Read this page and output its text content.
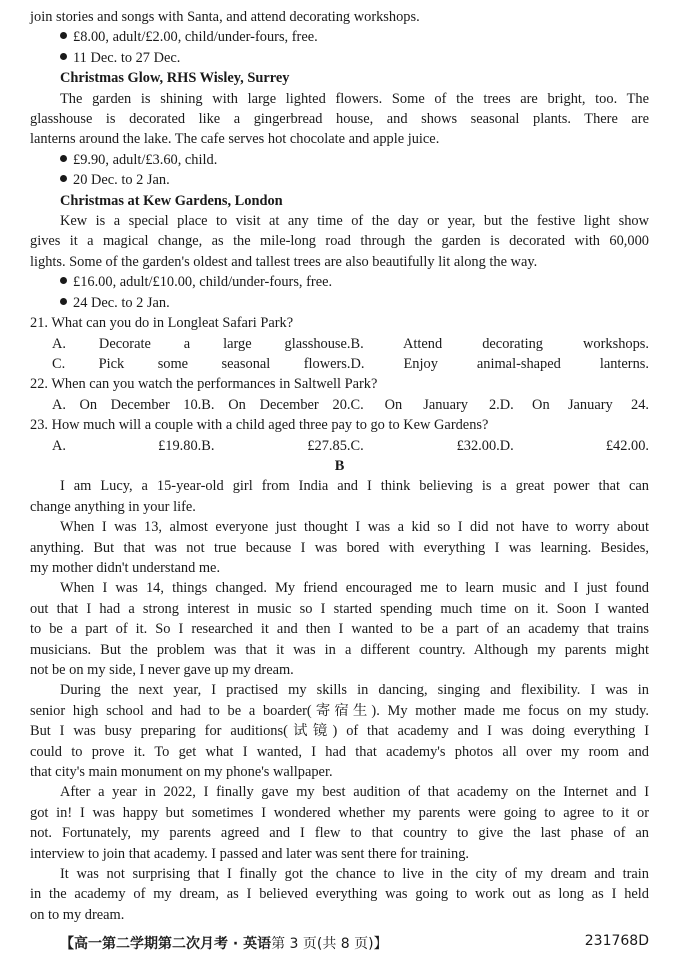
join stories and songs with Santa, and attend decorating workshops.
£8.00, adult/£2.00, child/under-fours, free.
11 Dec. to 27 Dec.
Christmas Glow, RHS Wisley, Surrey
The garden is shining with large lighted flowers. Some of the trees are bright, too. The
glasshouse is decorated like a gingerbread house, and shows seasonal plants. There are
lanterns around the lake. The cafe serves hot chocolate and apple juice.
£9.90, adult/£3.60, child.
20 Dec. to 2 Jan.
Christmas at Kew Gardens, London
Kew is a special place to visit at any time of the day or year, but the festive light show
gives it a magical change, as the mile-long road through the garden is decorated with 60,000
lights. Some of the garden's oldest and tallest trees are also beautifully lit along the way.
£16.00, adult/£10.00, child/under-fours, free.
24 Dec. to 2 Jan.
21. What can you do in Longleat Safari Park?
A. Decorate a large glasshouse. B. Attend decorating workshops.
C. Pick some seasonal flowers. D. Enjoy animal-shaped lanterns.
22. When can you watch the performances in Saltwell Park?
A. On December 10. B. On December 20. C. On January 2. D. On January 24.
23. How much will a couple with a child aged three pay to go to Kew Gardens?
A. £19.80. B. £27.85. C. £32.00. D. £42.00.
B
I am Lucy, a 15-year-old girl from India and I think believing is a great power that can
change anything in your life.
When I was 13, almost everyone just thought I was a kid so I did not have to worry about
anything. But that was not true because I was bored with everything I was learning. Besides,
my mother didn't understand me.
When I was 14, things changed. My friend encouraged me to learn music and I just found
out that I had a strong interest in music so I started spending much time on it. Soon I wanted
to be a part of it. So I researched it and then I wanted to be a part of an academy that trains
musicians. But the problem was that it was in a different country. Although my parents might
not be on my side, I never gave up my dream.
During the next year, I practised my skills in dancing, singing and flexibility. I was in
senior high school and had to be a boarder(寄宿生). My mother made me focus on my study.
But I was busy preparing for auditions(试镜) of that academy and I was doing everything I
could to prove it. To get what I wanted, I had that academy's photos all over my room and
that city's main monument on my phone's wallpaper.
After a year in 2022, I finally gave my best audition of that academy on the Internet and I
got in! I was happy but sometimes I wondered whether my parents were going to agree to it or
not. Fortunately, my parents agreed and I flew to that country to give the last phase of an
interview to join that academy. I passed and later was sent there for training.
It was not surprising that I finally got the chance to live in the city of my dream and train
in the academy of my dream, as I believed everything was going to work out as long as I held
on to my dream.
【高一第二学期第二次月考 · 英语第 3 页(共 8 页)】	231768D
